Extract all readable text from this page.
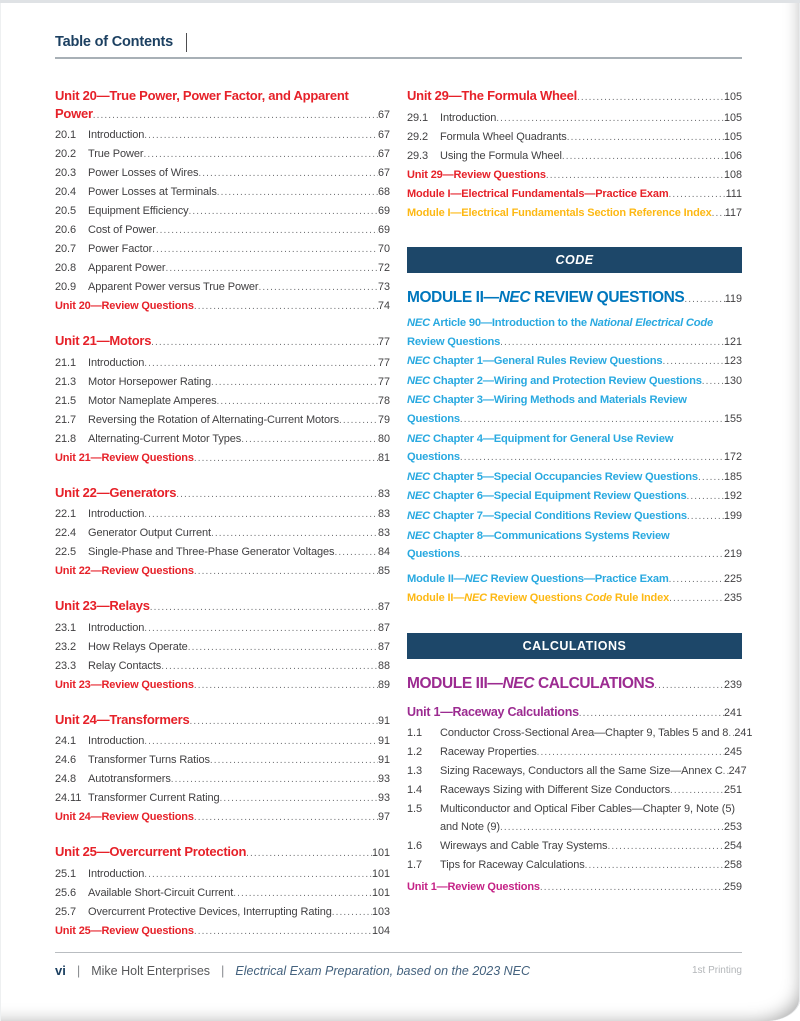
Table of Contents
Unit 20—True Power, Power Factor, and Apparent
Power .....	67
20.1	Introduction .....	67
20.2	True Power .....	67
20.3	Power Losses of Wires .....	67
20.4	Power Losses at Terminals .....	68
20.5	Equipment Efficiency .....	69
20.6	Cost of Power .....	69
20.7	Power Factor .....	70
20.8	Apparent Power .....	72
20.9	Apparent Power versus True Power .....	73
Unit 20—Review Questions .....	74
Unit 21—Motors .....	77
21.1	Introduction .....	77
21.3	Motor Horsepower Rating .....	77
21.5	Motor Nameplate Amperes .....	78
21.7	Reversing the Rotation of Alternating-Current Motors .....	79
21.8	Alternating-Current Motor Types .....	80
Unit 21—Review Questions .....	81
Unit 22—Generators .....	83
22.1	Introduction .....	83
22.4	Generator Output Current .....	83
22.5	Single-Phase and Three-Phase Generator Voltages .....	84
Unit 22—Review Questions .....	85
Unit 23—Relays .....	87
23.1	Introduction .....	87
23.2	How Relays Operate .....	87
23.3	Relay Contacts .....	88
Unit 23—Review Questions .....	89
Unit 24—Transformers .....	91
24.1	Introduction .....	91
24.6	Transformer Turns Ratios .....	91
24.8	Autotransformers .....	93
24.11 Transformer Current Rating .....	93
Unit 24—Review Questions .....	97
Unit 25—Overcurrent Protection .....	101
25.1	Introduction .....	101
25.6	Available Short-Circuit Current .....	101
25.7	Overcurrent Protective Devices, Interrupting Rating .....	103
Unit 25—Review Questions .....	104
Unit 29—The Formula Wheel .....	105
29.1	Introduction .....	105
29.2	Formula Wheel Quadrants .....	105
29.3	Using the Formula Wheel .....	106
Unit 29—Review Questions .....	108
Module I—Electrical Fundamentals—Practice Exam .....	111
Module I—Electrical Fundamentals Section Reference Index ..... 117
CODE
MODULE II—NEC REVIEW QUESTIONS .....	119
NEC Article 90—Introduction to the National Electrical Code
Review Questions .....	121
NEC Chapter 1—General Rules Review Questions .....	123
NEC Chapter 2—Wiring and Protection Review Questions ..... 130
NEC Chapter 3—Wiring Methods and Materials Review
Questions .....	155
NEC Chapter 4—Equipment for General Use Review
Questions .....	172
NEC Chapter 5—Special Occupancies Review Questions ..... 185
NEC Chapter 6—Special Equipment Review Questions .....	192
NEC Chapter 7—Special Conditions Review Questions .....	199
NEC Chapter 8—Communications Systems Review
Questions .....	219
Module II—NEC Review Questions—Practice Exam .....	225
Module II—NEC Review Questions Code Rule Index .....	235
CALCULATIONS
MODULE III—NEC CALCULATIONS .....	239
Unit 1—Raceway Calculations .....	241
1.1	Conductor Cross-Sectional Area—Chapter 9, Tables 5 and 8 ..... 241
1.2	Raceway Properties .....	245
1.3	Sizing Raceways, Conductors all the Same Size—Annex C ..... 247
1.4	Raceways Sizing with Different Size Conductors .....	251
1.5	Multiconductor and Optical Fiber Cables—Chapter 9, Note (5)
and Note (9) .....	253
1.6	Wireways and Cable Tray Systems .....	254
1.7	Tips for Raceway Calculations .....	258
Unit 1—Review Questions .....	259
vi | Mike Holt Enterprises | Electrical Exam Preparation, based on the 2023 NEC	1st Printing
